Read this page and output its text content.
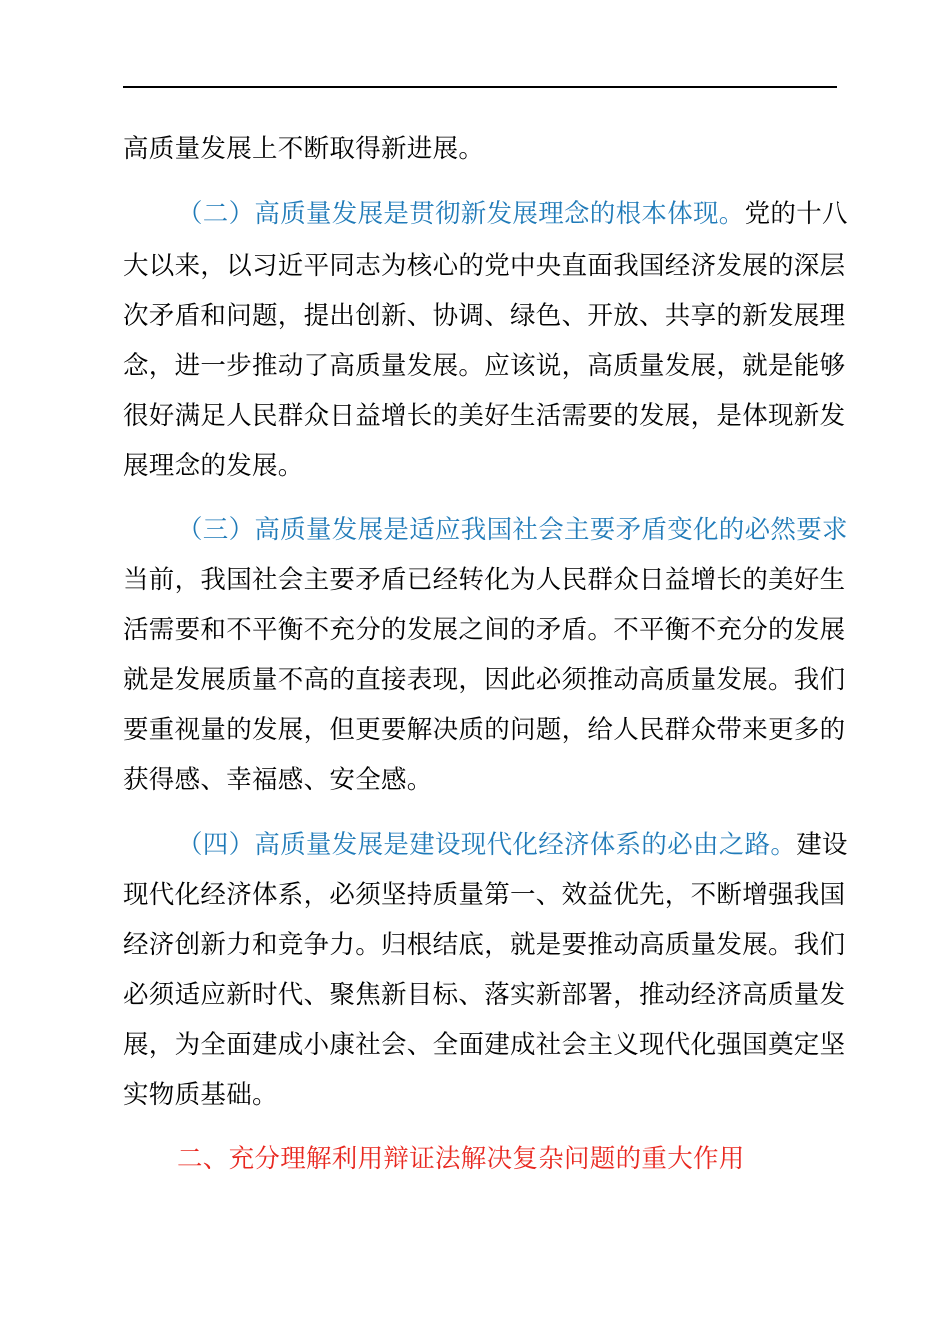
高质量发展上不断取得新进展。
（二）高质量发展是贯彻新发展理念的根本体现。党的十八
大以来，以习近平同志为核心的党中央直面我国经济发展的深层
次矛盾和问题，提出创新、协调、绿色、开放、共享的新发展理
念，进一步推动了高质量发展。应该说，高质量发展，就是能够
很好满足人民群众日益增长的美好生活需要的发展，是体现新发
展理念的发展。
（三）高质量发展是适应我国社会主要矛盾变化的必然要求
当前，我国社会主要矛盾已经转化为人民群众日益增长的美好生
活需要和不平衡不充分的发展之间的矛盾。不平衡不充分的发展
就是发展质量不高的直接表现，因此必须推动高质量发展。我们
要重视量的发展，但更要解决质的问题，给人民群众带来更多的
获得感、幸福感、安全感。
（四）高质量发展是建设现代化经济体系的必由之路。建设
现代化经济体系，必须坚持质量第一、效益优先，不断增强我国
经济创新力和竞争力。归根结底，就是要推动高质量发展。我们
必须适应新时代、聚焦新目标、落实新部署，推动经济高质量发
展，为全面建成小康社会、全面建成社会主义现代化强国奠定坚
实物质基础。
二、充分理解利用辩证法解决复杂问题的重大作用
